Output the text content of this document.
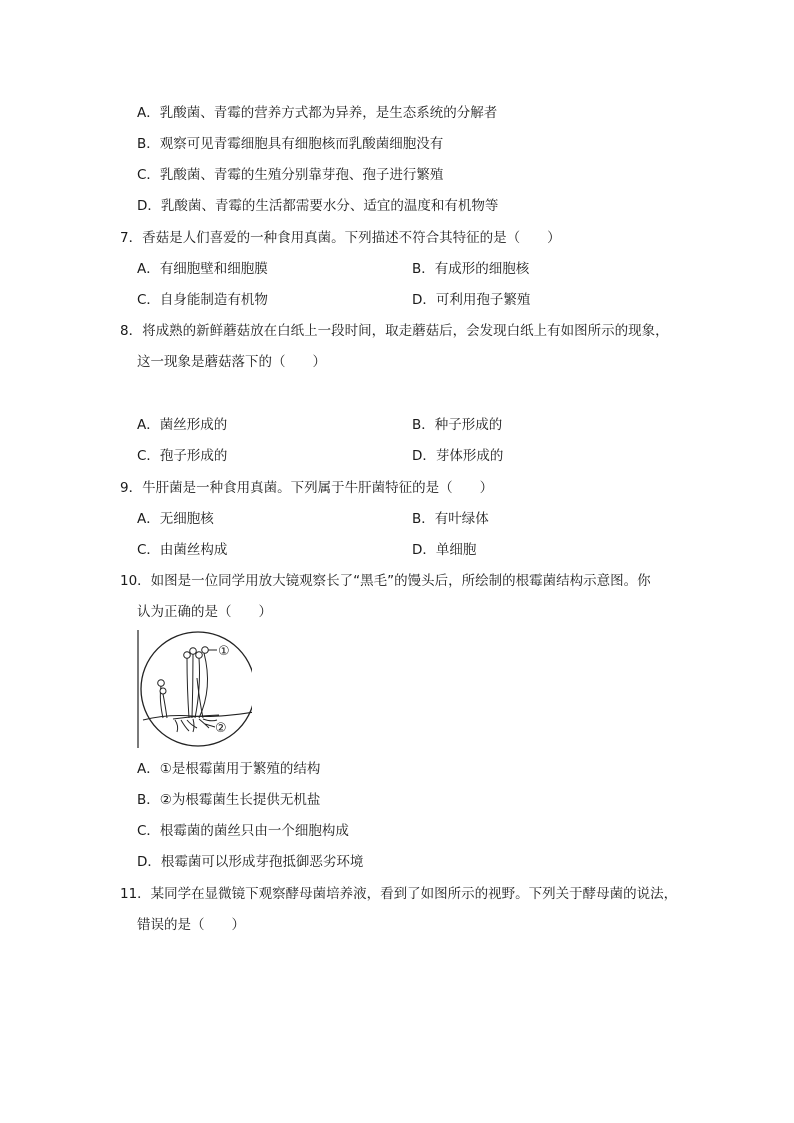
A．乳酸菌、青霉的营养方式都为异养，是生态系统的分解者
B．观察可见青霉细胞具有细胞核而乳酸菌细胞没有
C．乳酸菌、青霉的生殖分别靠芽孢、孢子进行繁殖
D．乳酸菌、青霉的生活都需要水分、适宜的温度和有机物等
7．香菇是人们喜爱的一种食用真菌。下列描述不符合其特征的是（　　）
A．有细胞壁和细胞膜	B．有成形的细胞核
C．自身能制造有机物	D．可利用孢子繁殖
8．将成熟的新鲜蘑菇放在白纸上一段时间，取走蘑菇后，会发现白纸上有如图所示的现象，
这一现象是蘑菇落下的（　　）
A．菌丝形成的	B．种子形成的
C．孢子形成的	D．芽体形成的
9．牛肝菌是一种食用真菌。下列属于牛肝菌特征的是（　　）
A．无细胞核	B．有叶绿体
C．由菌丝构成	D．单细胞
10．如图是一位同学用放大镜观察长了“黑毛”的馒头后，所绘制的根霉菌结构示意图。你
认为正确的是（　　）
①
②
A．①是根霉菌用于繁殖的结构
B．②为根霉菌生长提供无机盐
C．根霉菌的菌丝只由一个细胞构成
D．根霉菌可以形成芽孢抵御恶劣环境
11．某同学在显微镜下观察酵母菌培养液，看到了如图所示的视野。下列关于酵母菌的说法，
错误的是（　　）
